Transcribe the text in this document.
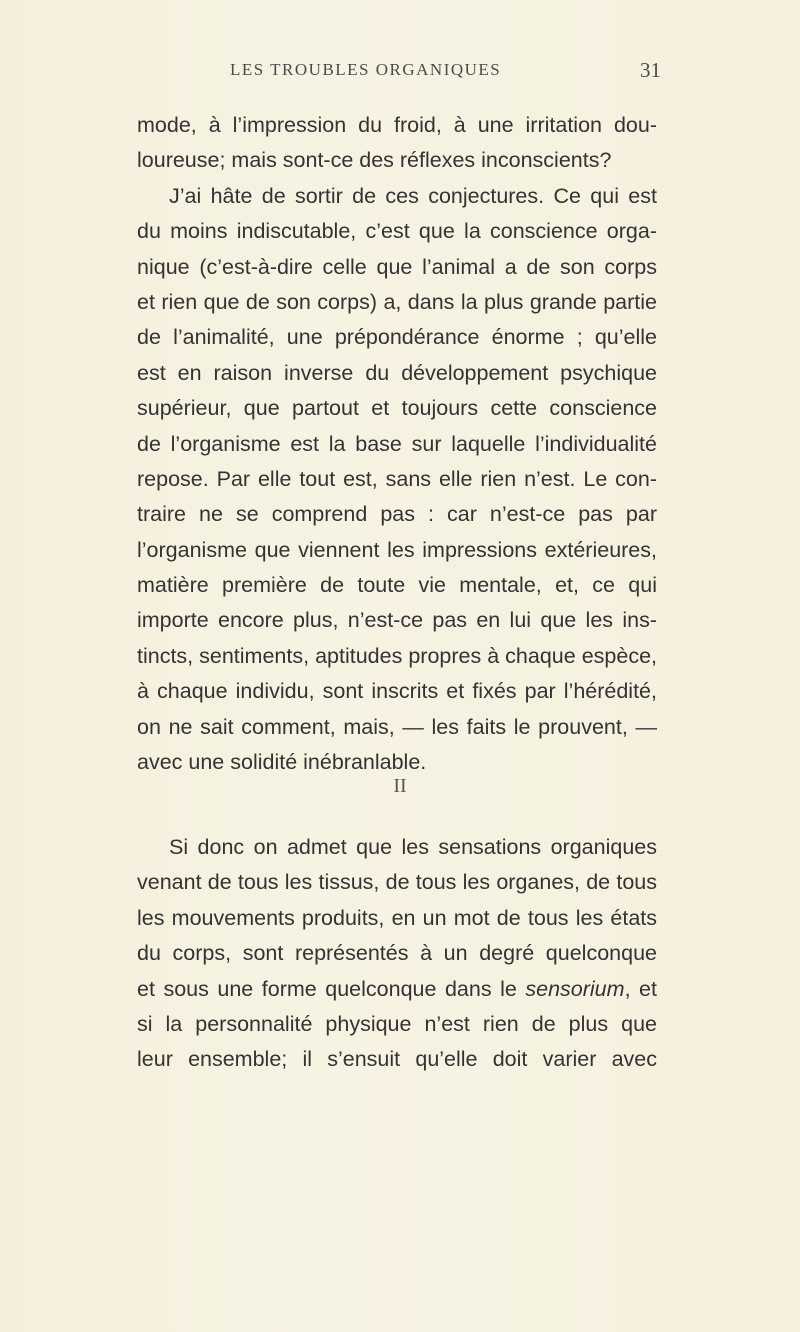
LES TROUBLES ORGANIQUES	31
mode, à l’impression du froid, à une irritation dou-
loureuse; mais sont-ce des réflexes inconscients?
J’ai hâte de sortir de ces conjectures. Ce qui est
du moins indiscutable, c’est que la conscience orga-
nique (c’est-à-dire celle que l’animal a de son corps
et rien que de son corps) a, dans la plus grande partie
de l’animalité, une prépondérance énorme ; qu’elle
est en raison inverse du développement psychique
supérieur, que partout et toujours cette conscience
de l’organisme est la base sur laquelle l’individualité
repose. Par elle tout est, sans elle rien n’est. Le con-
traire ne se comprend pas : car n’est-ce pas par
l’organisme que viennent les impressions extérieures,
matière première de toute vie mentale, et, ce qui
importe encore plus, n’est-ce pas en lui que les ins-
tincts, sentiments, aptitudes propres à chaque espèce,
à chaque individu, sont inscrits et fixés par l’hérédité,
on ne sait comment, mais, — les faits le prouvent, —
avec une solidité inébranlable.
II
Si donc on admet que les sensations organiques
venant de tous les tissus, de tous les organes, de tous
les mouvements produits, en un mot de tous les états
du corps, sont représentés à un degré quelconque
et sous une forme quelconque dans le sensorium, et
si la personnalité physique n’est rien de plus que
leur ensemble; il s’ensuit qu’elle doit varier avec
